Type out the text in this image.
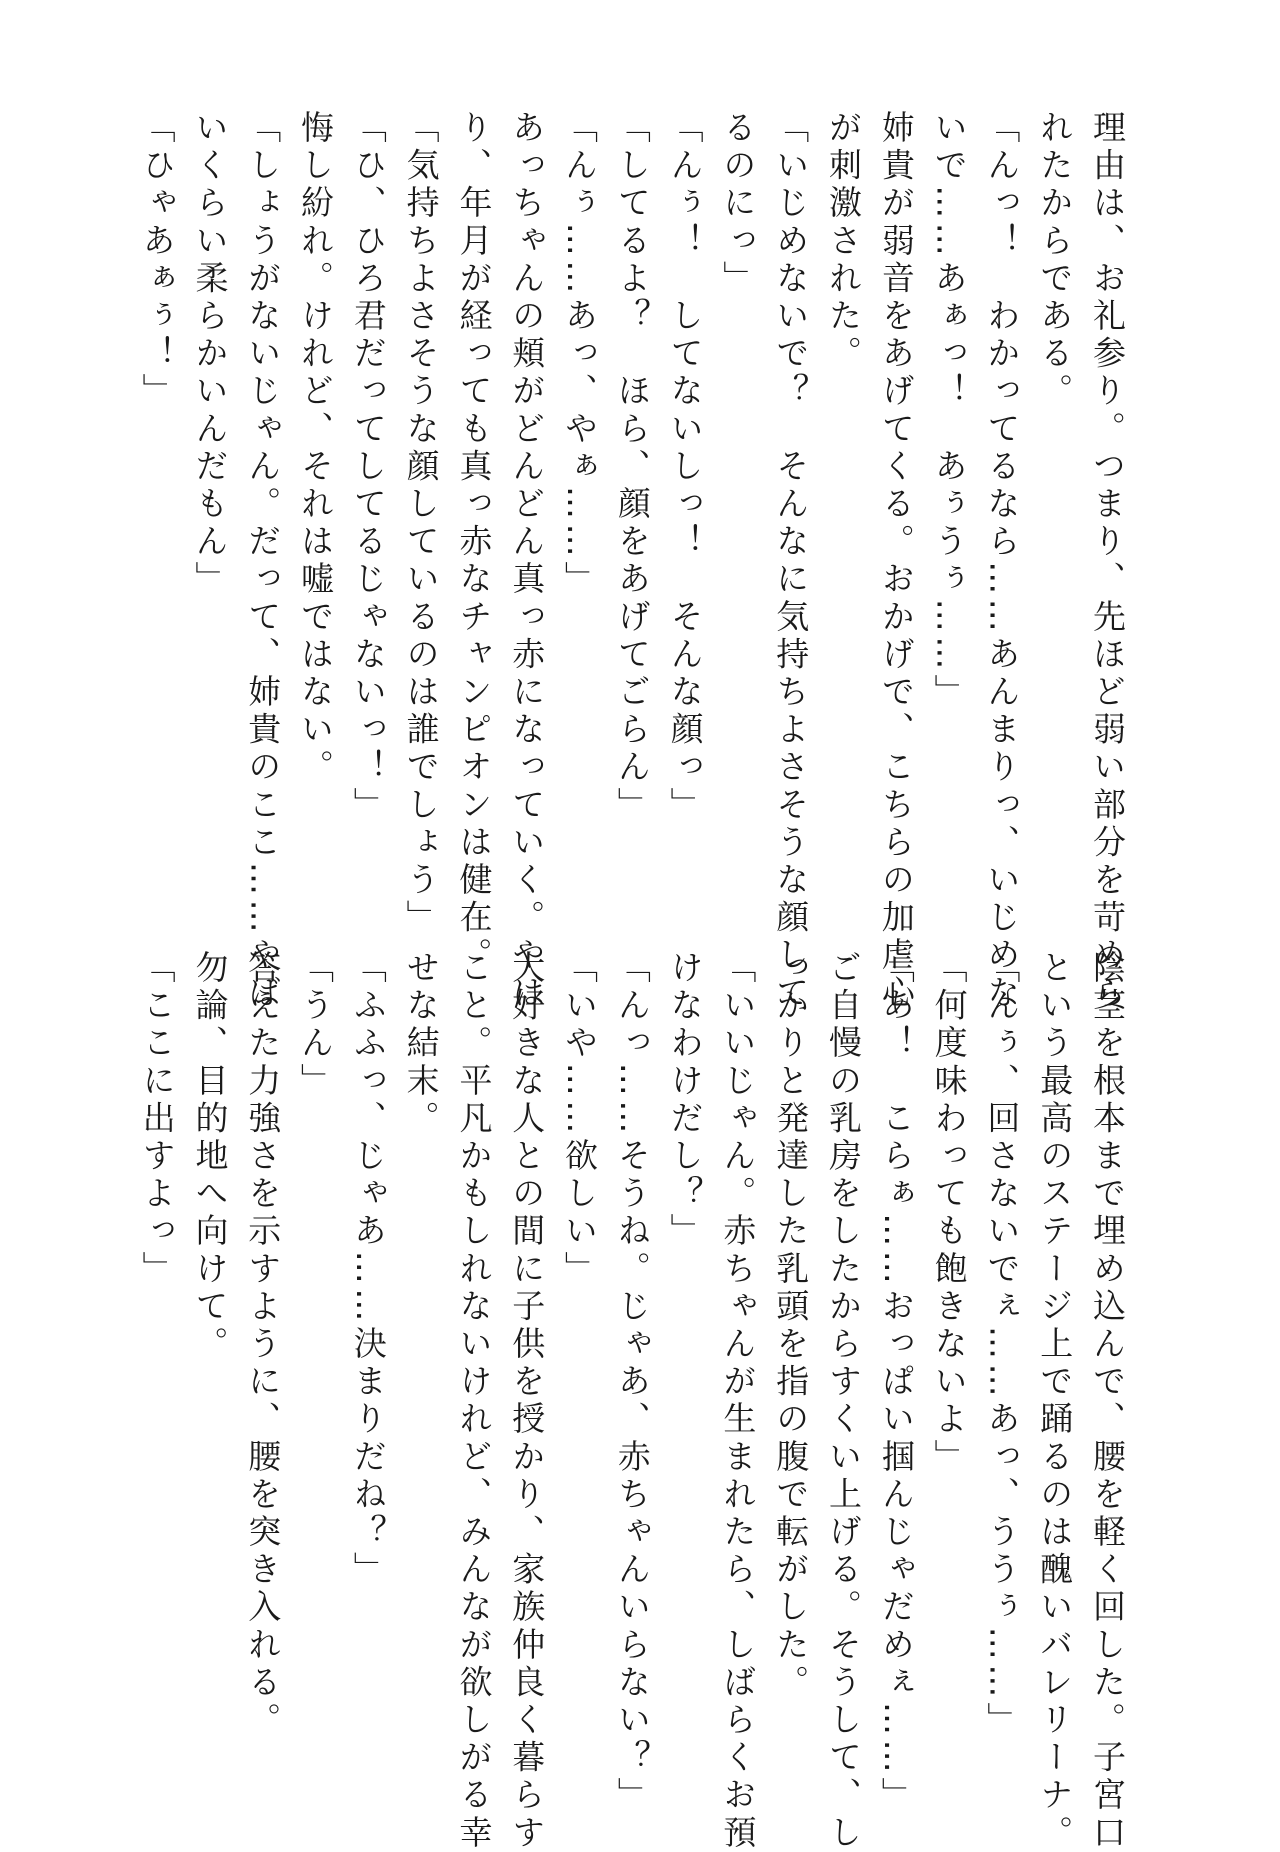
理由は、お礼参り。つまり、先ほど弱い部分を苛めら
れたからである。
「んっ！　わかってるなら……あんまりっ、いじめな
いで……あぁっ！　あぅうぅ……」
姉貴が弱音をあげてくる。おかげで、こちらの加虐心
が刺激された。
「いじめないで？　そんなに気持ちよさそうな顔して
るのにっ」
「んぅ！　してないしっ！　そんな顔っ」
「してるよ？　ほら、顔をあげてごらん」
「んぅ……あっ、やぁ……」
あっちゃんの頬がどんどん真っ赤になっていく。やは
り、年月が経っても真っ赤なチャンピオンは健在。
「気持ちよさそうな顔しているのは誰でしょう」
「ひ、ひろ君だってしてるじゃないっ！」
悔し紛れ。けれど、それは嘘ではない。
「しょうがないじゃん。だって、姉貴のここ……やば
いくらい柔らかいんだもん」
「ひゃあぁぅ！」
陰茎を根本まで埋め込んで、腰を軽く回した。子宮口
という最高のステージ上で踊るのは醜いバレリーナ。
「んぅ、回さないでぇ……あっ、ううぅ……」
「何度味わっても飽きないよ」
「あ！　こらぁ……おっぱい掴んじゃだめぇ……」
ご自慢の乳房をしたからすくい上げる。そうして、し
っかりと発達した乳頭を指の腹で転がした。
「いいじゃん。赤ちゃんが生まれたら、しばらくお預
けなわけだし？」
「んっ……そうね。じゃあ、赤ちゃんいらない？」
「いや……欲しい」
大好きな人との間に子供を授かり、家族仲良く暮らす
こと。平凡かもしれないけれど、みんなが欲しがる幸
せな結末。
「ふふっ、じゃあ……決まりだね？」
「うん」
答えた力強さを示すように、腰を突き入れる。
勿論、目的地へ向けて。
「ここに出すよっ」
